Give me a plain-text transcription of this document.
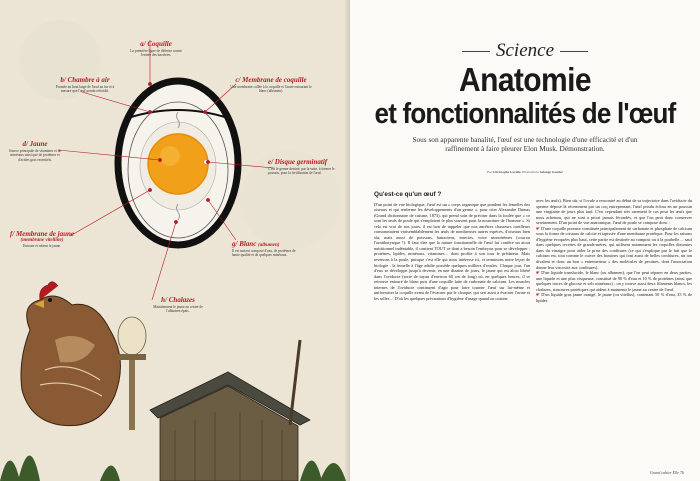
a/ Coquille
La première ligne de défense contre l'entrée des bactéries.
b/ Chambre à air
Formée au bout large de l'œuf au fur et à mesure que l'œuf pondu refroidit.
c/ Membrane de coquille
Une membrane collée à la coquille et l'autre entourant le blanc (albumen).
d/ Jaune
Source principale de vitamines et de minéraux ainsi que de protéines et d'acides gras essentiels.	e/ Disque germinatif
C'est le germe destiné, par la suite, à former le poussin, pour la fertilisation de l'œuf.
f/ Membrane de jaune
(membrane vitelline)
Entoure et retient le jaune.	g/ Blanc (albumen)
Il est surtout composé d'eau, de protéines de haute qualité et de quelques minéraux.
h/ Chalazes
Maintiennent le jaune au centre de l'albumen épais.
Science
Anatomie
et fonctionnalités de l'œuf
Sous son apparente banalité, l'œuf est une technologie d'une efficacité et d'un raffinement à faire pleurer Elon Musk. Démonstration.
Par Christophe Lavelle. Illustrations Solange Gautier
Qu'est-ce qu'un œuf ?

D'un point de vue biologique, l'œuf est un « corps organique que pondent les femelles des oiseaux et qui renferme les développements d'un germe », pour citer Alexandre Dumas (Grand dictionnaire de cuisine, 1873), qui prend soin de préciser dans la foulée que « ce sont les œufs de poule qui s'emploient le plus souvent pour la nourriture de l'homme ». Si cela est vrai de nos jours, il est bon de rappeler que nos ancêtres chasseurs cueilleurs consommaient vraisemblablement les œufs de nombreuses autres espèces, d'oiseaux bien sûr, mais aussi de poissons, batraciens, insectes, voire monotrèmes (coucou l'ornithorynque !). Il faut dire que la nature fonctionnelle de l'œuf lui confère un atout nutritionnel indéniable, il contient TOUT ce dont a besoin l'embryon pour se développer : protéines, lipides, minéraux, vitamines… dont profite à son tour le prédateur. Mais revenons à la poule, puisque c'est elle qui nous intéresse ici, et terminons notre leçon de biologie : la femelle à l'âge adulte possède quelques milliers d'ovules. Chaque jour, l'un d'eux se développe jusqu'à devenir, en une dizaine de jours, le jaune qui est alors libéré dans l'oviducte (sorte de tuyau d'environ 60 cm de long) où, en quelques heures, il se retrouve entouré de blanc puis d'une coquille faite de carbonate de calcium. Les muscles internes de l'oviducte continuent d'agir pour faire tourner l'œuf sur lui-même et uniformiser la coquille avant de l'évacuer par le cloaque, qui sert aussi à évacuer l'urine et les selles… D'où les quelques précautions d'hygiène d'usage quand on cuisine

avec les œufs). Bien sûr, si l'ovule a rencontré au début de sa trajectoire dans l'oviducte du sperme déposé là récemment par un coq entreprenant, l'œuf pondu éclora en un poussin une vingtaine de jours plus tard. C'est cependant très rarement le cas pour les œufs que nous achetons, qui ne sont a priori jamais fécondés, et que l'on peut donc conserver sereinement. D'un point de vue anatomique, l'œuf de poule se compose donc :

☛ D'une coquille poreuse constituée principalement de carbonate et phosphate de calcium sous la forme de cristaux de calcite et tapissée d'une membrane protéique. Pour les raisons d'hygiène évoquées plus haut, cette partie est destinée au compost ou à la poubelle… sauf dans quelques recettes de grands-mères, qui utilisent notamment les coquilles dissoutes dans du vinaigre pour aider la prise des confitures (ce qui s'explique par le fait que le calcium est, tout comme le cuivre des bassines qui font aussi de belles confitures, un ion divalent et donc un bon « entremetteur » des molécules de pectines, dont l'association donne leur viscosité aux confitures).

☛ D'un liquide translucide, le blanc (ou albumen), que l'on peut séparer en deux parties, une liquide et une plus visqueuse, constitué de 90 % d'eau et 10 % de protéines (ainsi que quelques traces de glucose et sels minéraux) ; on y trouve aussi deux filaments blancs, les chalazes, structures protéiques qui aident à maintenir le jaune au centre de l'œuf.

☛ D'un liquide gras jaune orangé, le jaune (ou vitellus), contenant 50 % d'eau, 35 % de lipides

Grand cahier Elle 76
